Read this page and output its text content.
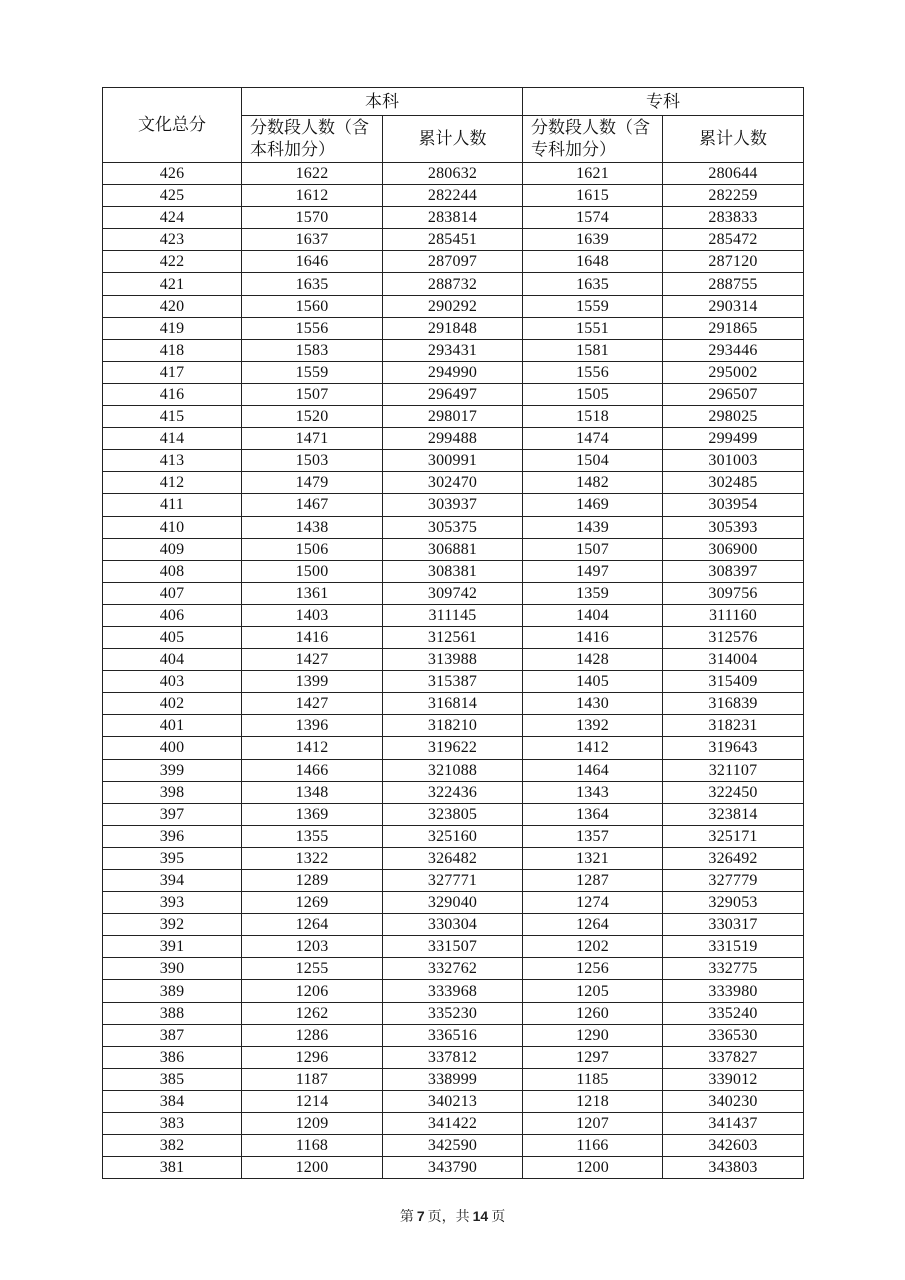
文化总分	本科		专科	

	分数段人数（含
本科加分）	累计人数	分数段人数（含
专科加分）	累计人数
426	1622	280632	1621	280644
425	1612	282244	1615	282259
424	1570	283814	1574	283833
423	1637	285451	1639	285472
422	1646	287097	1648	287120
421	1635	288732	1635	288755
420	1560	290292	1559	290314
419	1556	291848	1551	291865
418	1583	293431	1581	293446
417	1559	294990	1556	295002
416	1507	296497	1505	296507
415	1520	298017	1518	298025
414	1471	299488	1474	299499
413	1503	300991	1504	301003
412	1479	302470	1482	302485
411	1467	303937	1469	303954
410	1438	305375	1439	305393
409	1506	306881	1507	306900
408	1500	308381	1497	308397
407	1361	309742	1359	309756
406	1403	311145	1404	311160
405	1416	312561	1416	312576
404	1427	313988	1428	314004
403	1399	315387	1405	315409
402	1427	316814	1430	316839
401	1396	318210	1392	318231
400	1412	319622	1412	319643
399	1466	321088	1464	321107
398	1348	322436	1343	322450
397	1369	323805	1364	323814
396	1355	325160	1357	325171
395	1322	326482	1321	326492
394	1289	327771	1287	327779
393	1269	329040	1274	329053
392	1264	330304	1264	330317
391	1203	331507	1202	331519
390	1255	332762	1256	332775
389	1206	333968	1205	333980
388	1262	335230	1260	335240
387	1286	336516	1290	336530
386	1296	337812	1297	337827
385	1187	338999	1185	339012
384	1214	340213	1218	340230
383	1209	341422	1207	341437
382	1168	342590	1166	342603
381	1200	343790	1200	343803
第 7 页，共 14 页
